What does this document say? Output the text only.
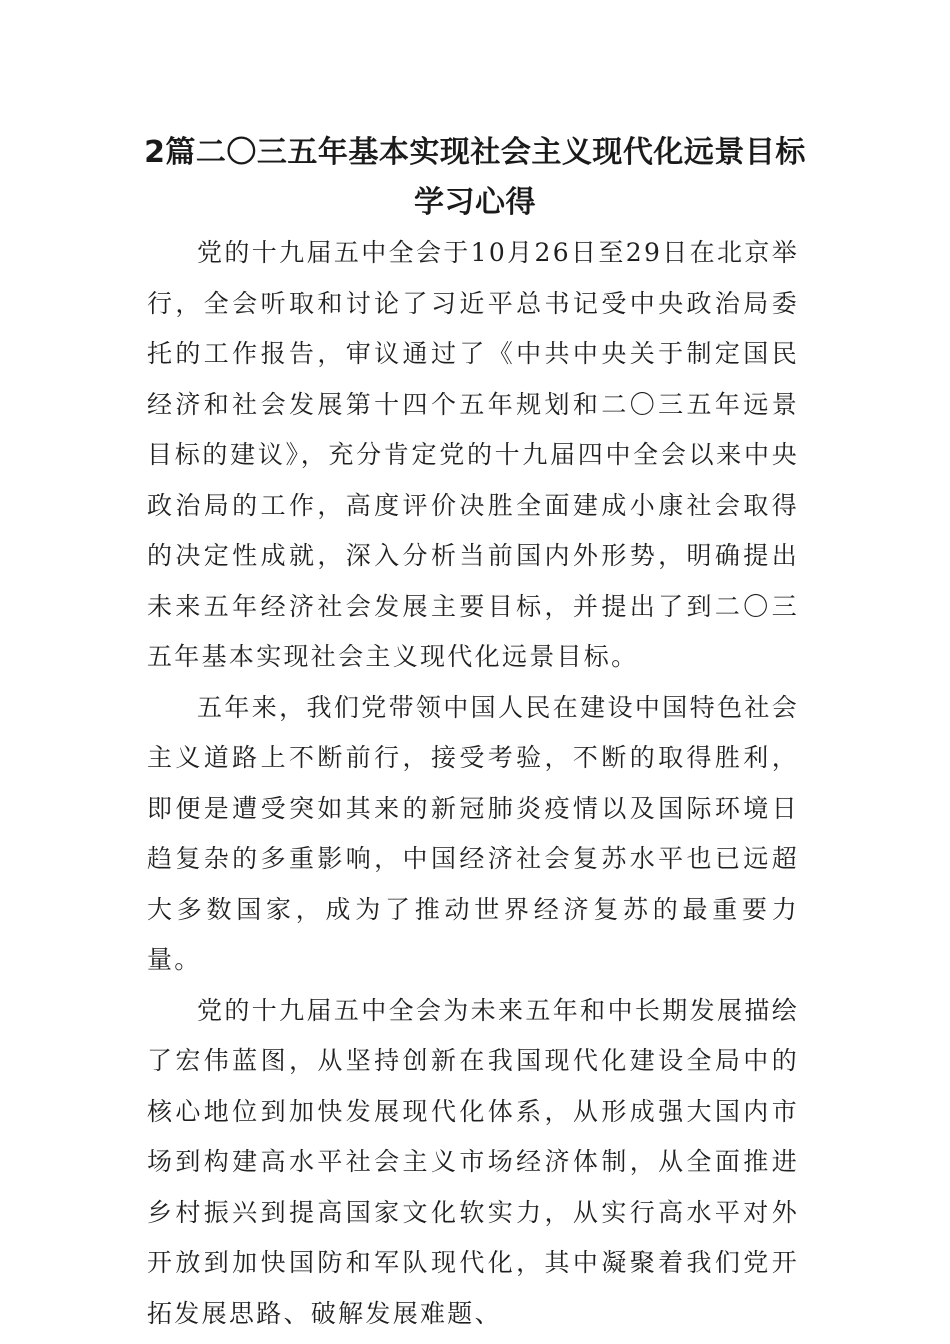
2篇二〇三五年基本实现社会主义现代化远景目标学习心得

党的十九届五中全会于10月26日至29日在北京举行，全会听取和讨论了习近平总书记受中央政治局委托的工作报告，审议通过了《中共中央关于制定国民经济和社会发展第十四个五年规划和二〇三五年远景目标的建议》，充分肯定党的十九届四中全会以来中央政治局的工作，高度评价决胜全面建成小康社会取得的决定性成就，深入分析当前国内外形势，明确提出未来五年经济社会发展主要目标，并提出了到二〇三五年基本实现社会主义现代化远景目标。

五年来，我们党带领中国人民在建设中国特色社会主义道路上不断前行，接受考验，不断的取得胜利，即便是遭受突如其来的新冠肺炎疫情以及国际环境日趋复杂的多重影响，中国经济社会复苏水平也已远超大多数国家，成为了推动世界经济复苏的最重要力量。

党的十九届五中全会为未来五年和中长期发展描绘了宏伟蓝图，从坚持创新在我国现代化建设全局中的核心地位到加快发展现代化体系，从形成强大国内市场到构建高水平社会主义市场经济体制，从全面推进乡村振兴到提高国家文化软实力，从实行高水平对外开放到加快国防和军队现代化，其中凝聚着我们党开拓发展思路、破解发展难题、
